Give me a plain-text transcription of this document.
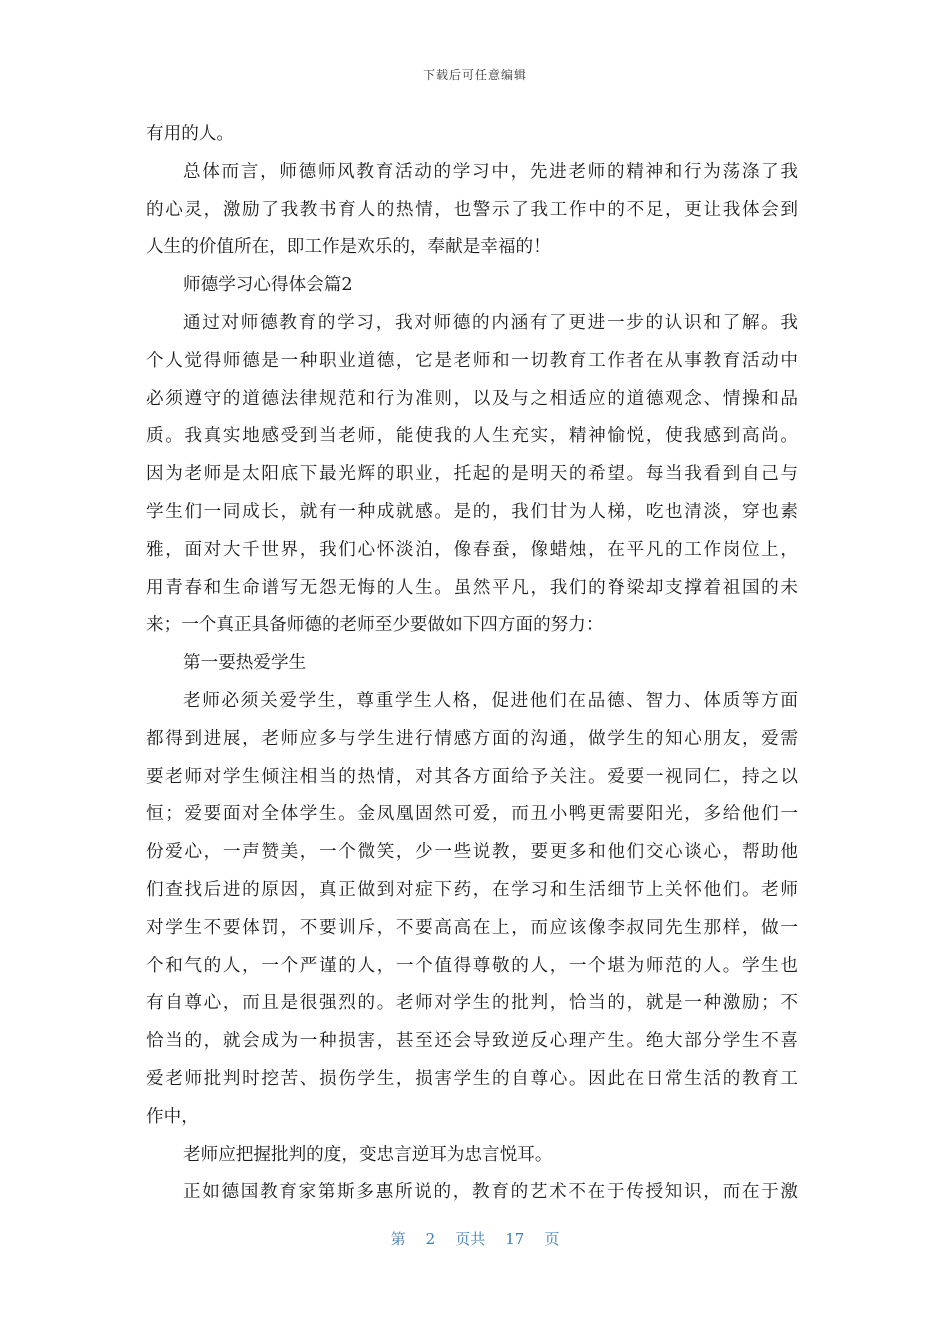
下载后可任意编辑
有用的人。
总体而言，师德师风教育活动的学习中，先进老师的精神和行为荡涤了我
的心灵，激励了我教书育人的热情，也警示了我工作中的不足，更让我体会到
人生的价值所在，即工作是欢乐的，奉献是幸福的！
师德学习心得体会篇2
通过对师德教育的学习，我对师德的内涵有了更进一步的认识和了解。我
个人觉得师德是一种职业道德，它是老师和一切教育工作者在从事教育活动中
必须遵守的道德法律规范和行为准则，以及与之相适应的道德观念、情操和品
质。我真实地感受到当老师，能使我的人生充实，精神愉悦，使我感到高尚。
因为老师是太阳底下最光辉的职业，托起的是明天的希望。每当我看到自己与
学生们一同成长，就有一种成就感。是的，我们甘为人梯，吃也清淡，穿也素
雅，面对大千世界，我们心怀淡泊，像春蚕，像蜡烛，在平凡的工作岗位上，
用青春和生命谱写无怨无悔的人生。虽然平凡，我们的脊梁却支撑着祖国的未
来；一个真正具备师德的老师至少要做如下四方面的努力：
第一要热爱学生
老师必须关爱学生，尊重学生人格，促进他们在品德、智力、体质等方面
都得到进展，老师应多与学生进行情感方面的沟通，做学生的知心朋友，爱需
要老师对学生倾注相当的热情，对其各方面给予关注。爱要一视同仁，持之以
恒；爱要面对全体学生。金凤凰固然可爱，而丑小鸭更需要阳光，多给他们一
份爱心，一声赞美，一个微笑，少一些说教，要更多和他们交心谈心，帮助他
们查找后进的原因，真正做到对症下药，在学习和生活细节上关怀他们。老师
对学生不要体罚，不要训斥，不要高高在上，而应该像李叔同先生那样，做一
个和气的人，一个严谨的人，一个值得尊敬的人，一个堪为师范的人。学生也
有自尊心，而且是很强烈的。老师对学生的批判，恰当的，就是一种激励；不
恰当的，就会成为一种损害，甚至还会导致逆反心理产生。绝大部分学生不喜
爱老师批判时挖苦、损伤学生，损害学生的自尊心。因此在日常生活的教育工
作中，
老师应把握批判的度，变忠言逆耳为忠言悦耳。
正如德国教育家第斯多惠所说的，教育的艺术不在于传授知识，而在于激
第 2 页共 17 页
